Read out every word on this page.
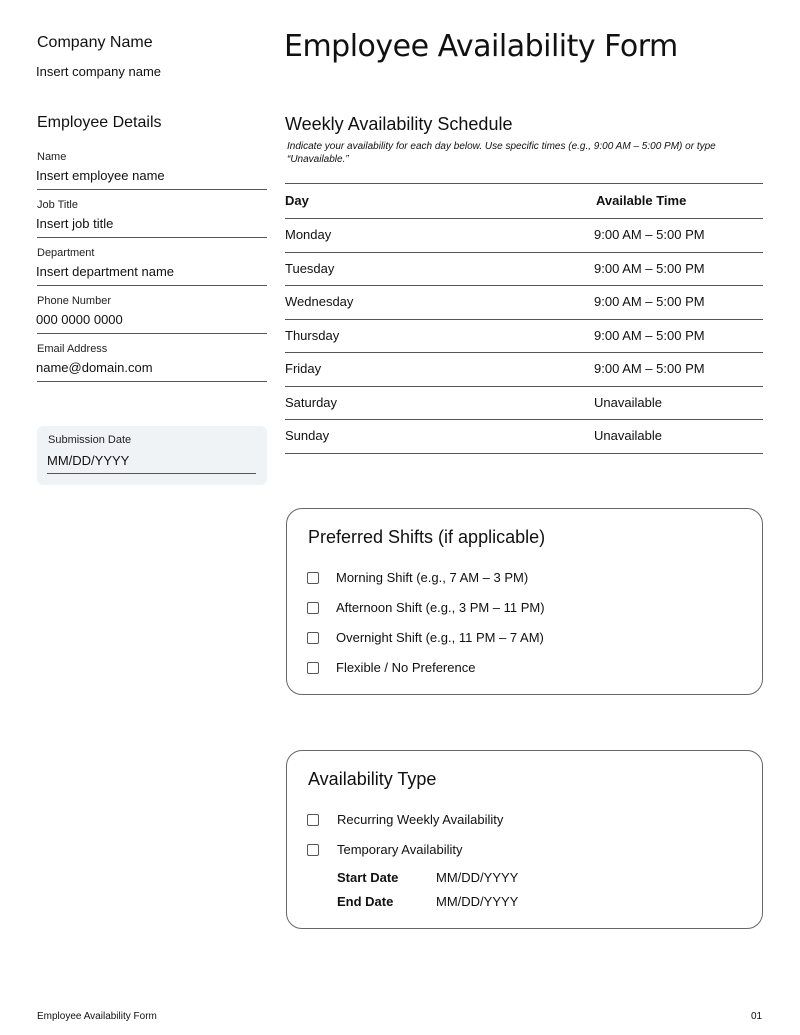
Company Name
Insert company name
Employee Availability Form
Employee Details
Name
Insert employee name
Job Title
Insert job title
Department
Insert department name
Phone Number
000 0000 0000
Email Address
name@domain.com
Submission Date
MM/DD/YYYY
Weekly Availability Schedule
Indicate your availability for each day below. Use specific times (e.g., 9:00 AM – 5:00 PM) or type “Unavailable.”
Day	Available Time
Monday	9:00 AM – 5:00 PM
Tuesday	9:00 AM – 5:00 PM
Wednesday	9:00 AM – 5:00 PM
Thursday	9:00 AM – 5:00 PM
Friday	9:00 AM – 5:00 PM
Saturday	Unavailable
Sunday	Unavailable
Preferred Shifts (if applicable)
Morning Shift (e.g., 7 AM – 3 PM)
Afternoon Shift (e.g., 3 PM – 11 PM)
Overnight Shift (e.g., 11 PM – 7 AM)
Flexible / No Preference
Availability Type
Recurring Weekly Availability
Temporary Availability
Start Date	MM/DD/YYYY
End Date	MM/DD/YYYY
Employee Availability Form	01
